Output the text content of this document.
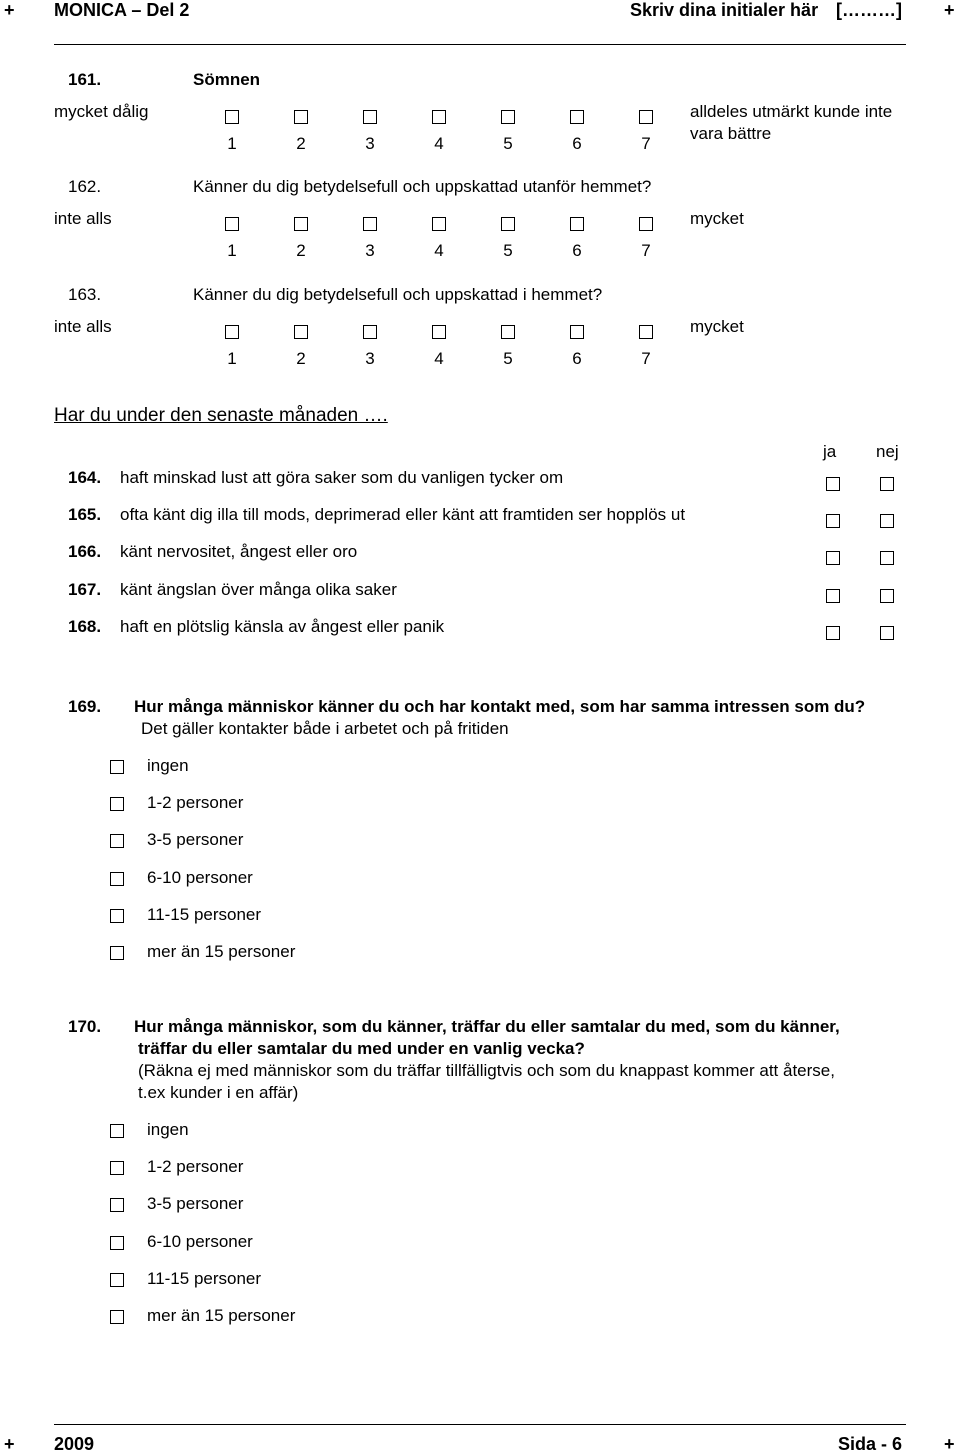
+ MONICA – Del 2	Skriv dina initialer här [………] +
161.	Sömnen
mycket dålig	alldeles utmärkt kunde inte
vara bättre
1	2	3	4	5	6	7
162.	Känner du dig betydelsefull och uppskattad utanför hemmet?
inte alls	mycket
1	2	3	4	5	6	7
163.	Känner du dig betydelsefull och uppskattad i hemmet?
inte alls	mycket
1	2	3	4	5	6	7
Har du under den senaste månaden ….
ja nej
164. haft minskad lust att göra saker som du vanligen tycker om
165. ofta känt dig illa till mods, deprimerad eller känt att framtiden ser hopplös ut
166. känt nervositet, ångest eller oro
167. känt ängslan över många olika saker
168. haft en plötslig känsla av ångest eller panik
169. Hur många människor känner du och har kontakt med, som har samma intressen som du?
Det gäller kontakter både i arbetet och på fritiden
ingen
1-2 personer
3-5 personer
6-10 personer
11-15 personer
mer än 15 personer
170. Hur många människor, som du känner, träffar du eller samtalar du med, som du känner,
träffar du eller samtalar du med under en vanlig vecka?
(Räkna ej med människor som du träffar tillfälligtvis och som du knappast kommer att återse,
t.ex kunder i en affär)
ingen
1-2 personer
3-5 personer
6-10 personer
11-15 personer
mer än 15 personer
+ 2009	Sida - 6 +
